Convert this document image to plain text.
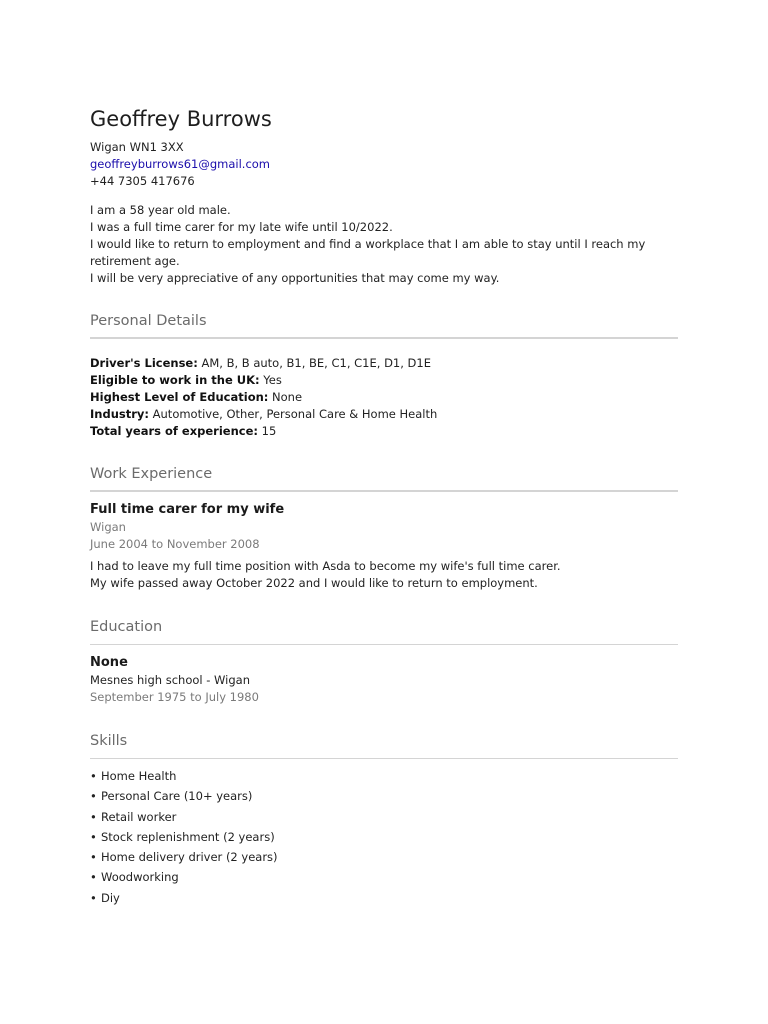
Geoffrey Burrows
Wigan WN1 3XX
geoffreyburrows61@gmail.com
+44 7305 417676

I am a 58 year old male.

I was a full time carer for my late wife until 10/2022.

I would like to return to employment and find a workplace that I am able to stay until I reach my retirement age.

I will be very appreciative of any opportunities that may come my way.

Personal Details
Driver's License: AM, B, B auto, B1, BE, C1, C1E, D1, D1E
Eligible to work in the UK: Yes
Highest Level of Education: None
Industry: Automotive, Other, Personal Care & Home Health
Total years of experience: 15
Work Experience
Full time carer for my wife
Wigan
June 2004 to November 2008

I had to leave my full time position with Asda to become my wife's full time carer.

My wife passed away October 2022 and I would like to return to employment.

Education
None
Mesnes high school - Wigan
September 1975 to July 1980
Skills
• Home Health
• Personal Care (10+ years)
• Retail worker
• Stock replenishment (2 years)
• Home delivery driver (2 years)
• Woodworking
• Diy
